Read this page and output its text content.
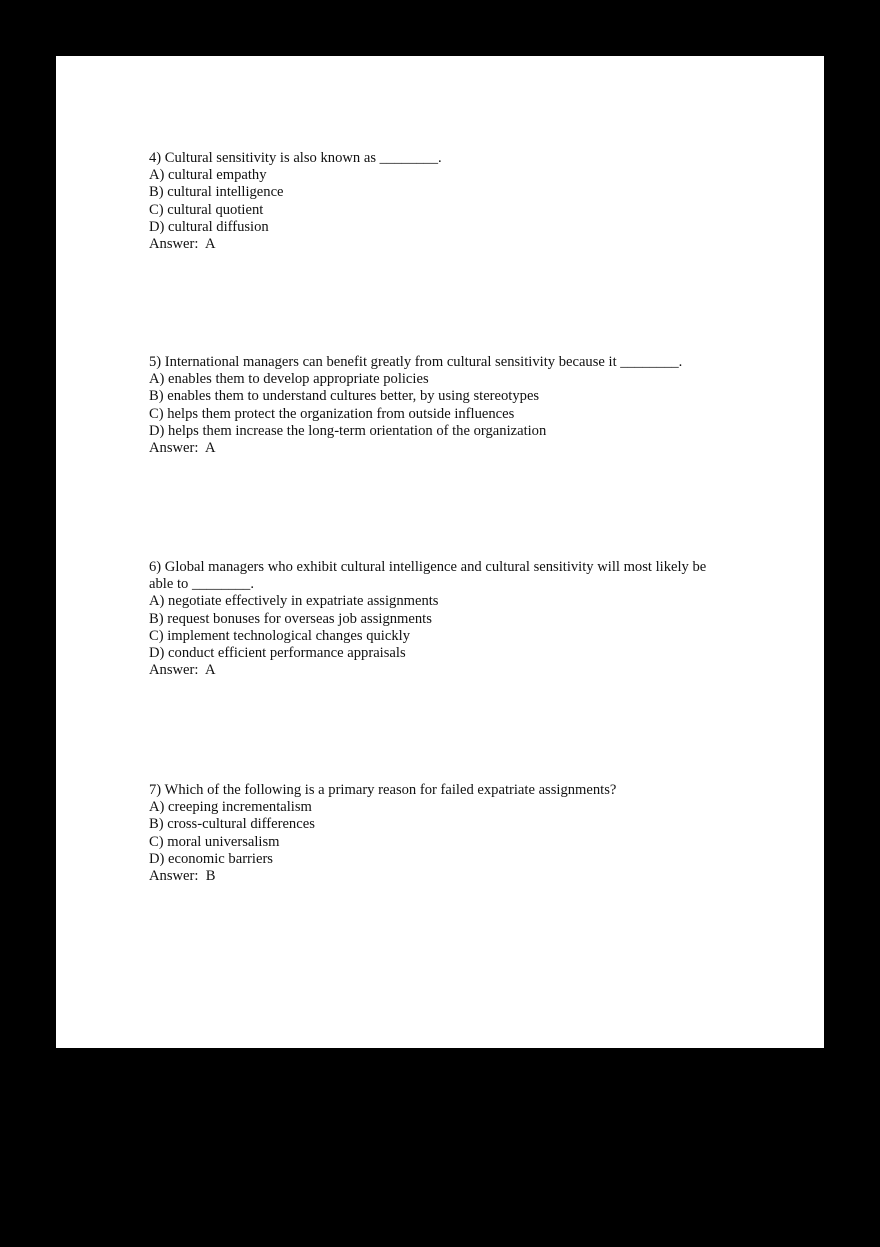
4) Cultural sensitivity is also known as ________.
A) cultural empathy
B) cultural intelligence
C) cultural quotient
D) cultural diffusion
Answer:  A
5) International managers can benefit greatly from cultural sensitivity because it ________.
A) enables them to develop appropriate policies
B) enables them to understand cultures better, by using stereotypes
C) helps them protect the organization from outside influences
D) helps them increase the long-term orientation of the organization
Answer:  A
6) Global managers who exhibit cultural intelligence and cultural sensitivity will most likely be
able to ________.
A) negotiate effectively in expatriate assignments
B) request bonuses for overseas job assignments
C) implement technological changes quickly
D) conduct efficient performance appraisals
Answer:  A
7) Which of the following is a primary reason for failed expatriate assignments?
A) creeping incrementalism
B) cross-cultural differences
C) moral universalism
D) economic barriers
Answer:  B
